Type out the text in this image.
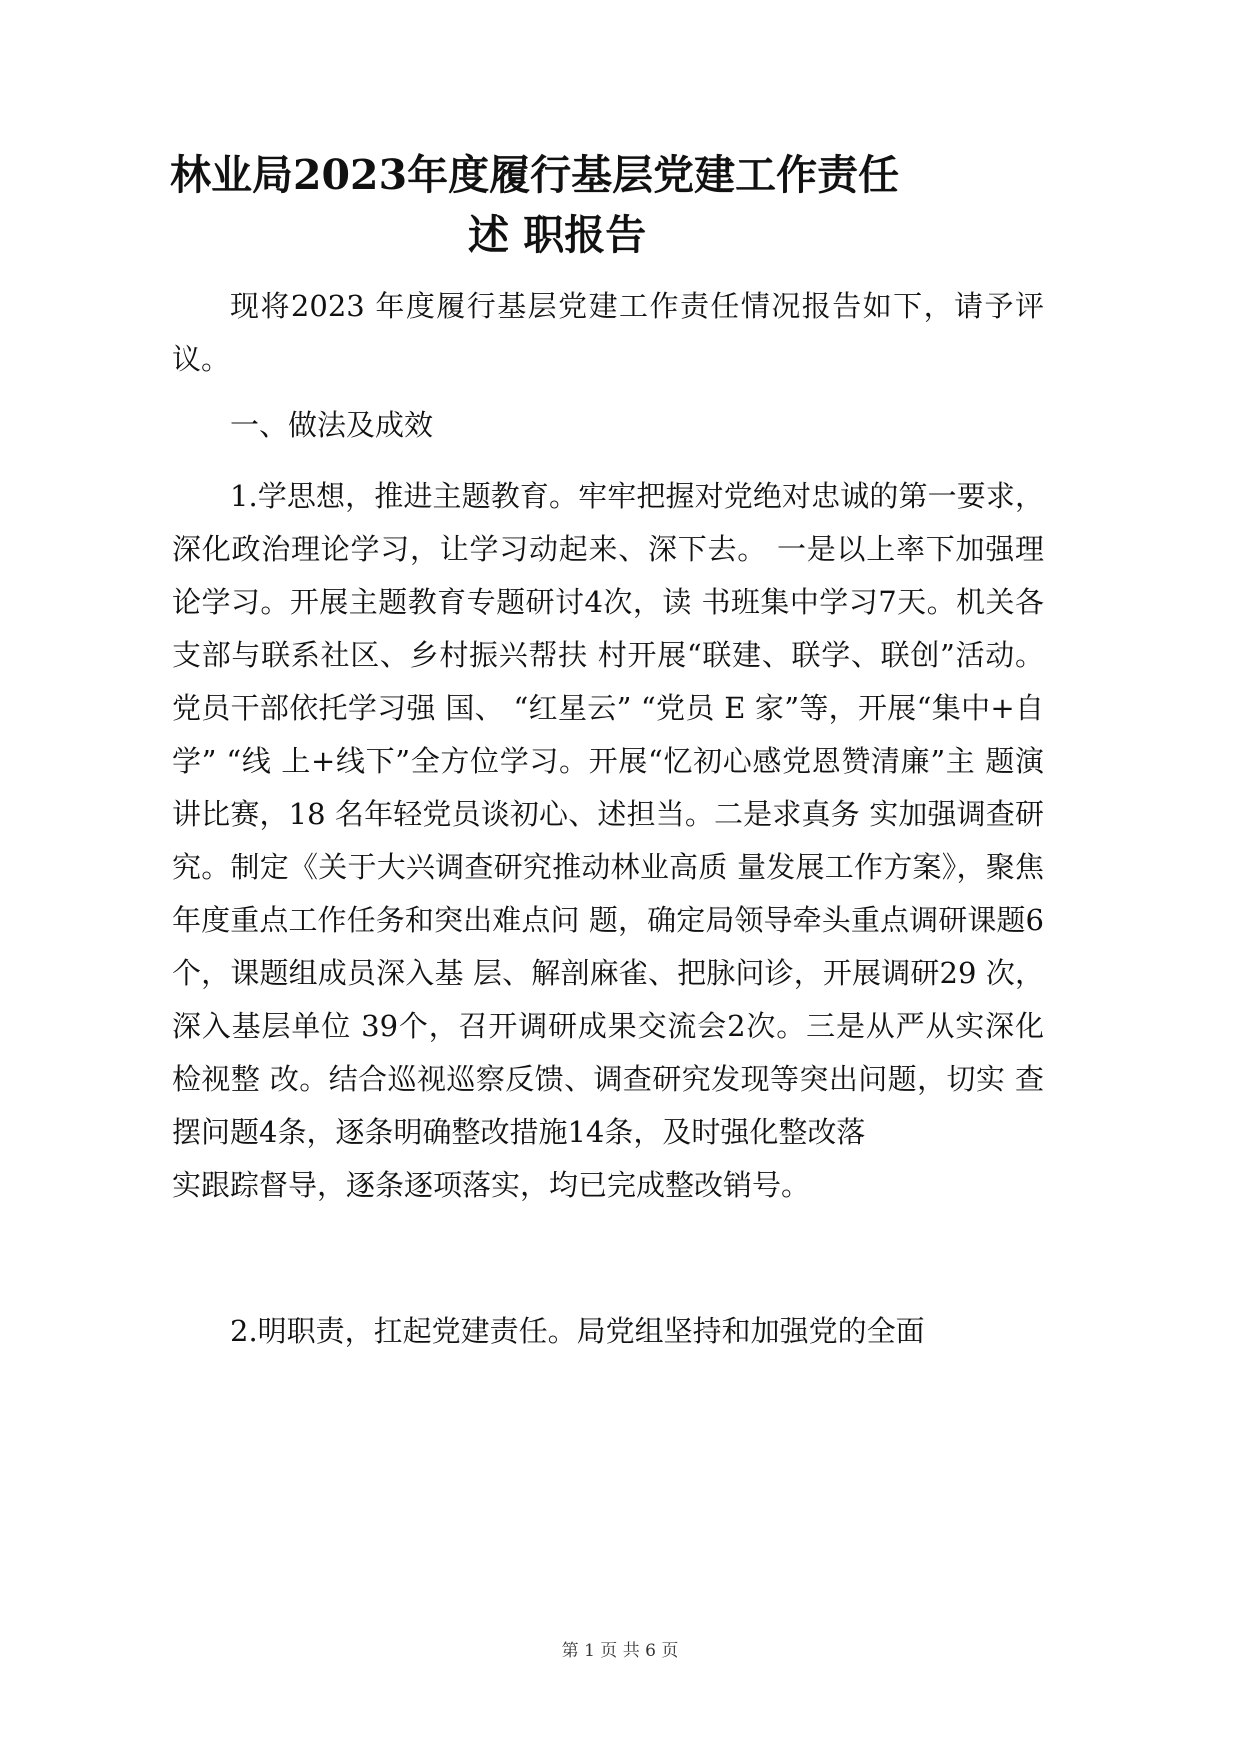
林业局2023年度履行基层党建工作责任
述 职报告

现将2023 年度履行基层党建工作责任情况报告如下，请予评议。

一、做法及成效

1.学思想，推进主题教育。牢牢把握对党绝对忠诚的第一要求，深化政治理论学习，让学习动起来、深下去。 一是以上率下加强理论学习。开展主题教育专题研讨4次，读 书班集中学习7天。机关各支部与联系社区、乡村振兴帮扶 村开展“联建、联学、联创”活动。党员干部依托学习强 国、 “红星云” “党员 E 家”等，开展“集中+自学” “线 上+线下”全方位学习。开展“忆初心感党恩赞清廉”主 题演讲比赛，18 名年轻党员谈初心、述担当。二是求真务 实加强调查研究。制定《关于大兴调查研究推动林业高质 量发展工作方案》，聚焦年度重点工作任务和突出难点问 题，确定局领导牵头重点调研课题6个，课题组成员深入基 层、解剖麻雀、把脉问诊，开展调研29 次，深入基层单位 39个，召开调研成果交流会2次。三是从严从实深化检视整 改。结合巡视巡察反馈、调查研究发现等突出问题，切实 查摆问题4条，逐条明确整改措施14条，及时强化整改落
实跟踪督导，逐条逐项落实，均已完成整改销号。

2.明职责，扛起党建责任。局党组坚持和加强党的全面

第 1 页 共 6 页
